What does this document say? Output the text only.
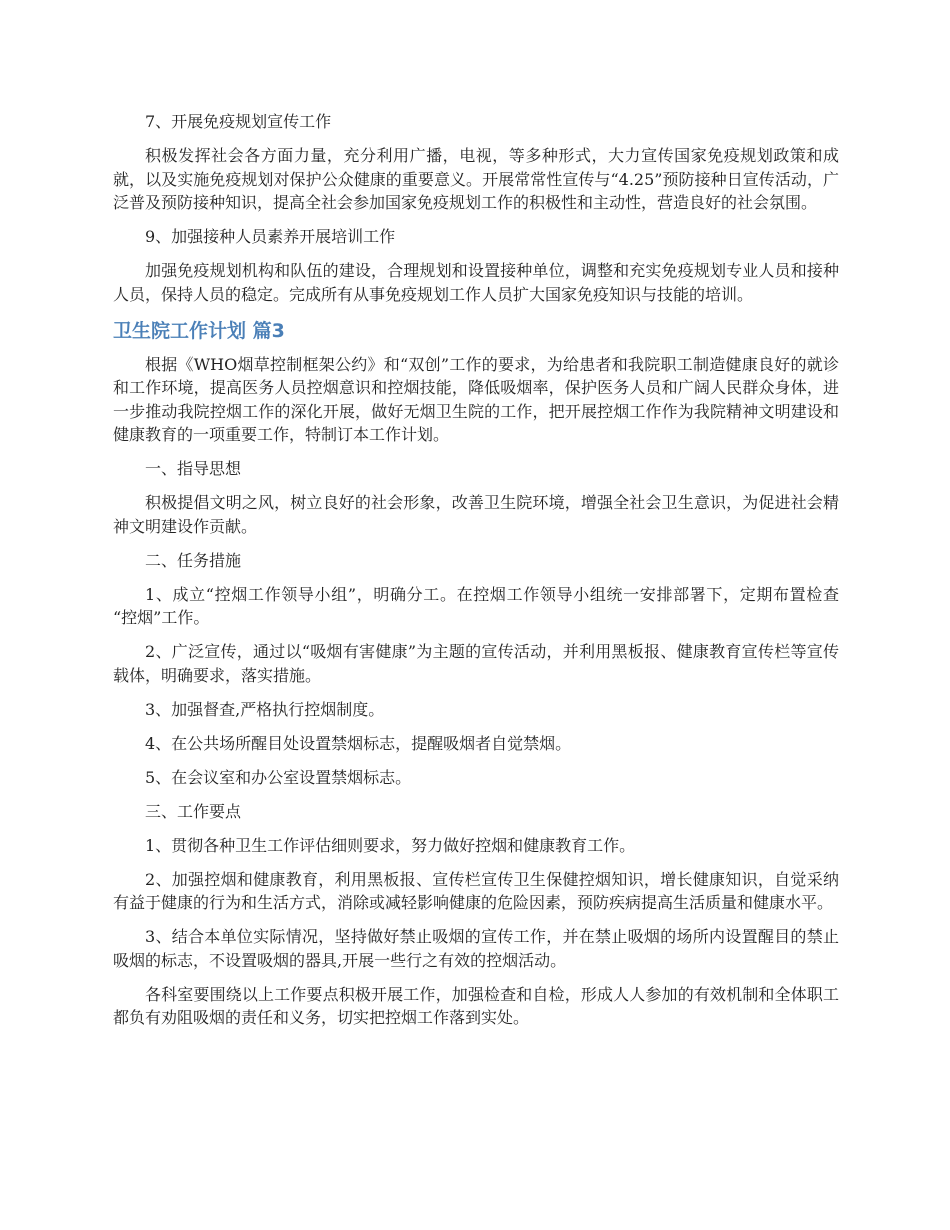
7、开展免疫规划宣传工作

积极发挥社会各方面力量，充分利用广播，电视，等多种形式，大力宣传国家免疫规划政策和成就，以及实施免疫规划对保护公众健康的重要意义。开展常常性宣传与“4.25”预防接种日宣传活动，广泛普及预防接种知识，提高全社会参加国家免疫规划工作的积极性和主动性，营造良好的社会氛围。

9、加强接种人员素养开展培训工作

加强免疫规划机构和队伍的建设，合理规划和设置接种单位，调整和充实免疫规划专业人员和接种人员，保持人员的稳定。完成所有从事免疫规划工作人员扩大国家免疫知识与技能的培训。

卫生院工作计划 篇3

根据《WHO烟草控制框架公约》和“双创”工作的要求，为给患者和我院职工制造健康良好的就诊和工作环境，提高医务人员控烟意识和控烟技能，降低吸烟率，保护医务人员和广阔人民群众身体，进一步推动我院控烟工作的深化开展，做好无烟卫生院的工作，把开展控烟工作作为我院精神文明建设和健康教育的一项重要工作，特制订本工作计划。

一、指导思想

积极提倡文明之风，树立良好的社会形象，改善卫生院环境，增强全社会卫生意识，为促进社会精神文明建设作贡献。

二、任务措施

1、成立“控烟工作领导小组”，明确分工。在控烟工作领导小组统一安排部署下，定期布置检查 “控烟”工作。

2、广泛宣传，通过以“吸烟有害健康”为主题的宣传活动，并利用黑板报、健康教育宣传栏等宣传载体，明确要求，落实措施。

3、加强督查,严格执行控烟制度。

4、在公共场所醒目处设置禁烟标志，提醒吸烟者自觉禁烟。

5、在会议室和办公室设置禁烟标志。

三、工作要点

1、贯彻各种卫生工作评估细则要求，努力做好控烟和健康教育工作。

2、加强控烟和健康教育，利用黑板报、宣传栏宣传卫生保健控烟知识，增长健康知识，自觉采纳有益于健康的行为和生活方式，消除或减轻影响健康的危险因素，预防疾病提高生活质量和健康水平。

3、结合本单位实际情况，坚持做好禁止吸烟的宣传工作，并在禁止吸烟的场所内设置醒目的禁止吸烟的标志，不设置吸烟的器具,开展一些行之有效的控烟活动。

各科室要围绕以上工作要点积极开展工作，加强检查和自检，形成人人参加的有效机制和全体职工都负有劝阻吸烟的责任和义务，切实把控烟工作落到实处。
